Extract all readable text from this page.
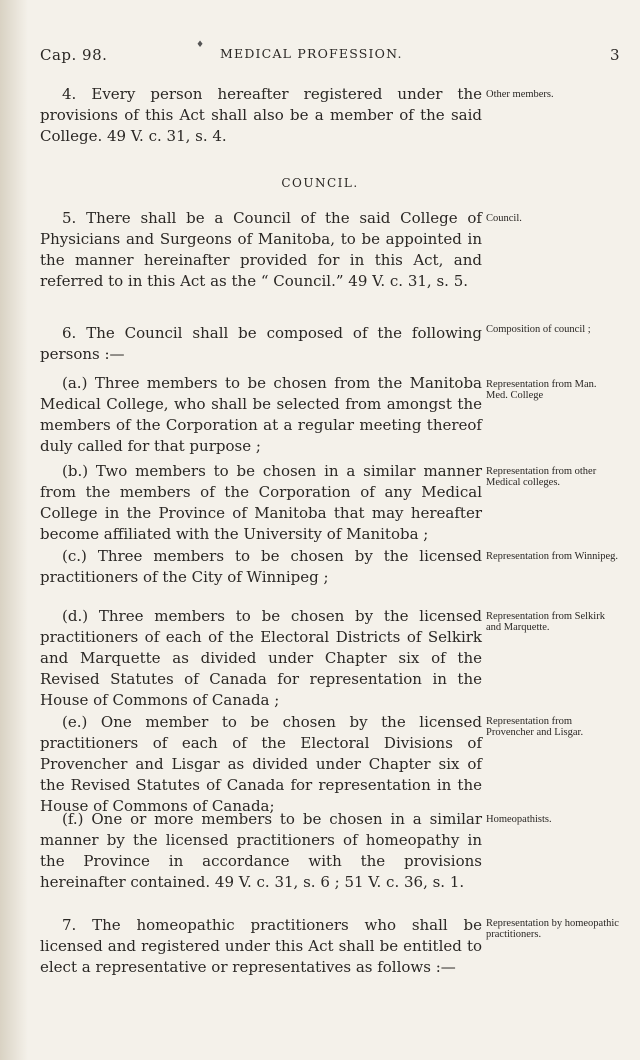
♦
Cap. 98.	MEDICAL PROFESSION.	3

4. Every person hereafter registered under the provisions of this Act shall also be a member of the said College. 49 V. c. 31, s. 4.

Other members.
COUNCIL.

5. There shall be a Council of the said College of Physicians and Surgeons of Manitoba, to be appointed in the manner hereinafter provided for in this Act, and referred to in this Act as the “ Council.” 49 V. c. 31, s. 5.

Council.

6. The Council shall be composed of the following persons :—

Composition of council ;

(a.) Three members to be chosen from the Manitoba Medical College, who shall be selected from amongst the members of the Corporation at a regular meeting thereof duly called for that purpose ;

Representation from Man. Med. College

(b.) Two members to be chosen in a similar manner from the members of the Corporation of any Medical College in the Province of Manitoba that may hereafter become affiliated with the University of Manitoba ;

Representation from other Medical colleges.

(c.) Three members to be chosen by the licensed practitioners of the City of Winnipeg ;

Representation from Winnipeg.

(d.) Three members to be chosen by the licensed practitioners of each of the Electoral Districts of Selkirk and Marquette as divided under Chapter six of the Revised Statutes of Canada for representation in the House of Commons of Canada ;

Representation from Selkirk and Marquette.

(e.) One member to be chosen by the licensed practitioners of each of the Electoral Divisions of Provencher and Lisgar as divided under Chapter six of the Revised Statutes of Canada for representation in the House of Commons of Canada;

Representation from Provencher and Lisgar.

(f.) One or more members to be chosen in a similar manner by the licensed practitioners of homeopathy in the Province in accordance with the provisions hereinafter contained. 49 V. c. 31, s. 6 ; 51 V. c. 36, s. 1.

Homeopathists.

7. The homeopathic practitioners who shall be licensed and registered under this Act shall be entitled to elect a representative or representatives as follows :—

Representation by homeopathic practitioners.
